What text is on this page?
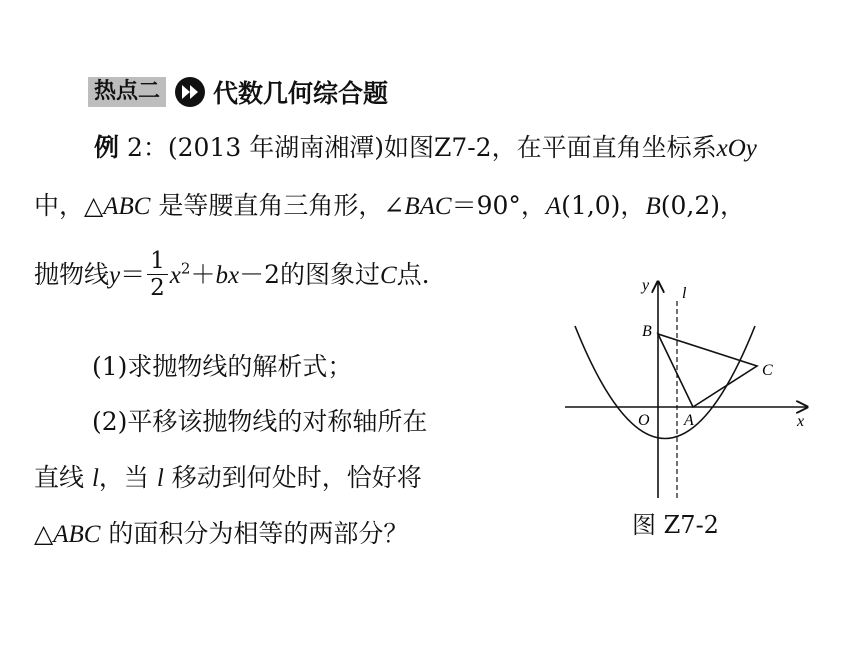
热点二 代数几何综合题
例 2：(2013 年湖南湘潭)如图Z7-2，在平面直角坐标系xOy
中，△ABC 是等腰直角三角形，∠BAC＝90°，A(1,0)，B(0,2)，
抛物线$y= \frac{1}{2} x^2+bx-2$的图象过C点.
(1)求抛物线的解析式；
(2)平移该抛物线的对称轴所在
直线 l，当 l 移动到何处时，恰好将
△ABC 的面积分为相等的两部分？
y
x
l
O A
B
C
图 Z7-2
